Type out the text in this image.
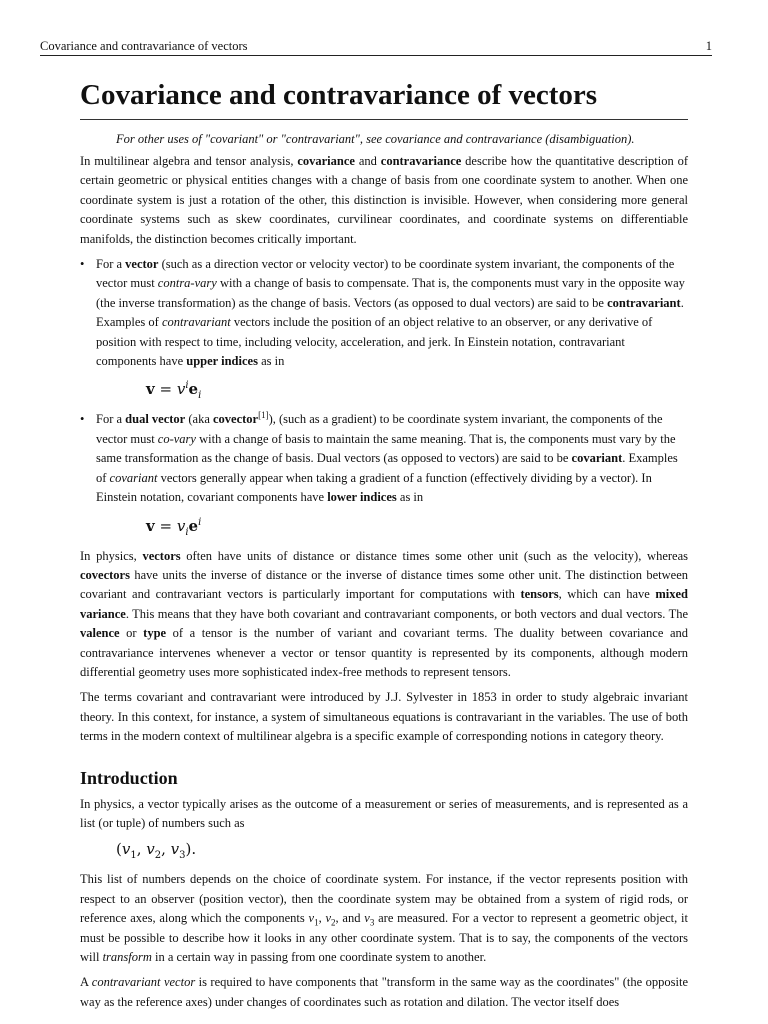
Covariance and contravariance of vectors	1
Covariance and contravariance of vectors
For other uses of "covariant" or "contravariant", see covariance and contravariance (disambiguation).

In multilinear algebra and tensor analysis, covariance and contravariance describe how the quantitative description of certain geometric or physical entities changes with a change of basis from one coordinate system to another. When one coordinate system is just a rotation of the other, this distinction is invisible. However, when considering more general coordinate systems such as skew coordinates, curvilinear coordinates, and coordinate systems on differentiable manifolds, the distinction becomes critically important.

• For a vector (such as a direction vector or velocity vector) to be coordinate system invariant, the components of the vector must contra-vary with a change of basis to compensate. That is, the components must vary in the opposite way (the inverse transformation) as the change of basis. Vectors (as opposed to dual vectors) are said to be contravariant. Examples of contravariant vectors include the position of an object relative to an observer, or any derivative of position with respect to time, including velocity, acceleration, and jerk. In Einstein notation, contravariant components have upper indices as in
$v = v^ie_i$
• For a dual vector (aka covector[1]), (such as a gradient) to be coordinate system invariant, the components of the vector must co-vary with a change of basis to maintain the same meaning. That is, the components must vary by the same transformation as the change of basis. Dual vectors (as opposed to vectors) are said to be covariant. Examples of covariant vectors generally appear when taking a gradient of a function (effectively dividing by a vector). In Einstein notation, covariant components have lower indices as in
$v = v_ie^i$

In physics, vectors often have units of distance or distance times some other unit (such as the velocity), whereas covectors have units the inverse of distance or the inverse of distance times some other unit. The distinction between covariant and contravariant vectors is particularly important for computations with tensors, which can have mixed variance. This means that they have both covariant and contravariant components, or both vectors and dual vectors. The valence or type of a tensor is the number of variant and covariant terms. The duality between covariance and contravariance intervenes whenever a vector or tensor quantity is represented by its components, although modern differential geometry uses more sophisticated index-free methods to represent tensors.

The terms covariant and contravariant were introduced by J.J. Sylvester in 1853 in order to study algebraic invariant theory. In this context, for instance, a system of simultaneous equations is contravariant in the variables. The use of both terms in the modern context of multilinear algebra is a specific example of corresponding notions in category theory.

Introduction

In physics, a vector typically arises as the outcome of a measurement or series of measurements, and is represented as a list (or tuple) of numbers such as

($v_1$, $v_2$, $v_3$).

This list of numbers depends on the choice of coordinate system. For instance, if the vector represents position with respect to an observer (position vector), then the coordinate system may be obtained from a system of rigid rods, or reference axes, along which the components $v_1$, $v_2$, and $v_3$ are measured. For a vector to represent a geometric object, it must be possible to describe how it looks in any other coordinate system. That is to say, the components of the vectors will transform in a certain way in passing from one coordinate system to another.

A contravariant vector is required to have components that "transform in the same way as the coordinates" (the opposite way as the reference axes) under changes of coordinates such as rotation and dilation. The vector itself does
